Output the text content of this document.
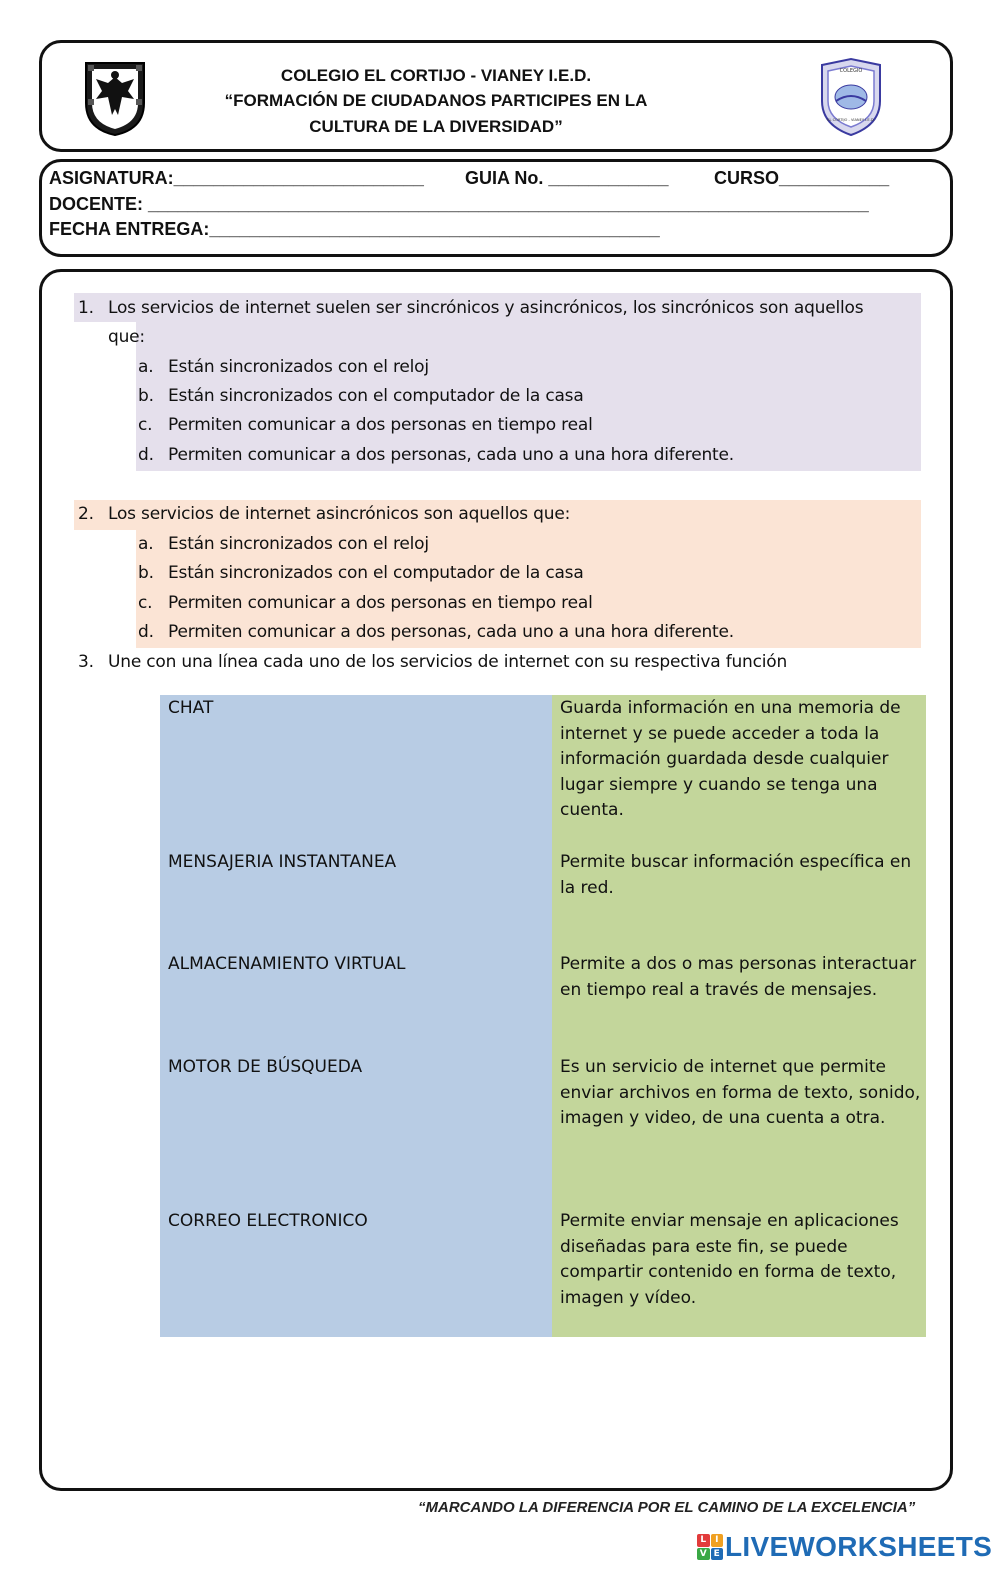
COLEGIO EL CORTIJO - VIANEY I.E.D.
“FORMACIÓN DE CIUDADANOS PARTICIPES EN LA
CULTURA DE LA DIVERSIDAD”
COLEGIO
EL CORTIJO - VIANEY I.E.D.
ASIGNATURA:_________________________ GUIA No. ____________	CURSO___________
DOCENTE: ________________________________________________________________________
FECHA ENTREGA:_____________________________________________
1. Los servicios de internet suelen ser sincrónicos y asincrónicos, los sincrónicos son aquellos
que:
a. Están sincronizados con el reloj
b. Están sincronizados con el computador de la casa
c. Permiten comunicar a dos personas en tiempo real
d. Permiten comunicar a dos personas, cada uno a una hora diferente.
2. Los servicios de internet asincrónicos son aquellos que:
a. Están sincronizados con el reloj
b. Están sincronizados con el computador de la casa
c. Permiten comunicar a dos personas en tiempo real
d. Permiten comunicar a dos personas, cada uno a una hora diferente.
3. Une con una línea cada uno de los servicios de internet con su respectiva función
CHAT
MENSAJERIA INSTANTANEA
ALMACENAMIENTO VIRTUAL
MOTOR DE BÚSQUEDA
CORREO ELECTRONICO
Guarda información en una memoria de internet y se puede acceder a toda la información guardada desde cualquier lugar siempre y cuando se tenga una cuenta.
Permite buscar información específica en la red.
Permite a dos o mas personas interactuar en tiempo real a través de mensajes.
Es un servicio de internet que permite enviar archivos en forma de texto, sonido, imagen y video, de una cuenta a otra.
Permite enviar mensaje en aplicaciones diseñadas para este fin, se puede compartir contenido en forma de texto, imagen y vídeo.
“MARCANDO LA DIFERENCIA POR EL CAMINO DE LA EXCELENCIA”
L I
V E LIVEWORKSHEETS
